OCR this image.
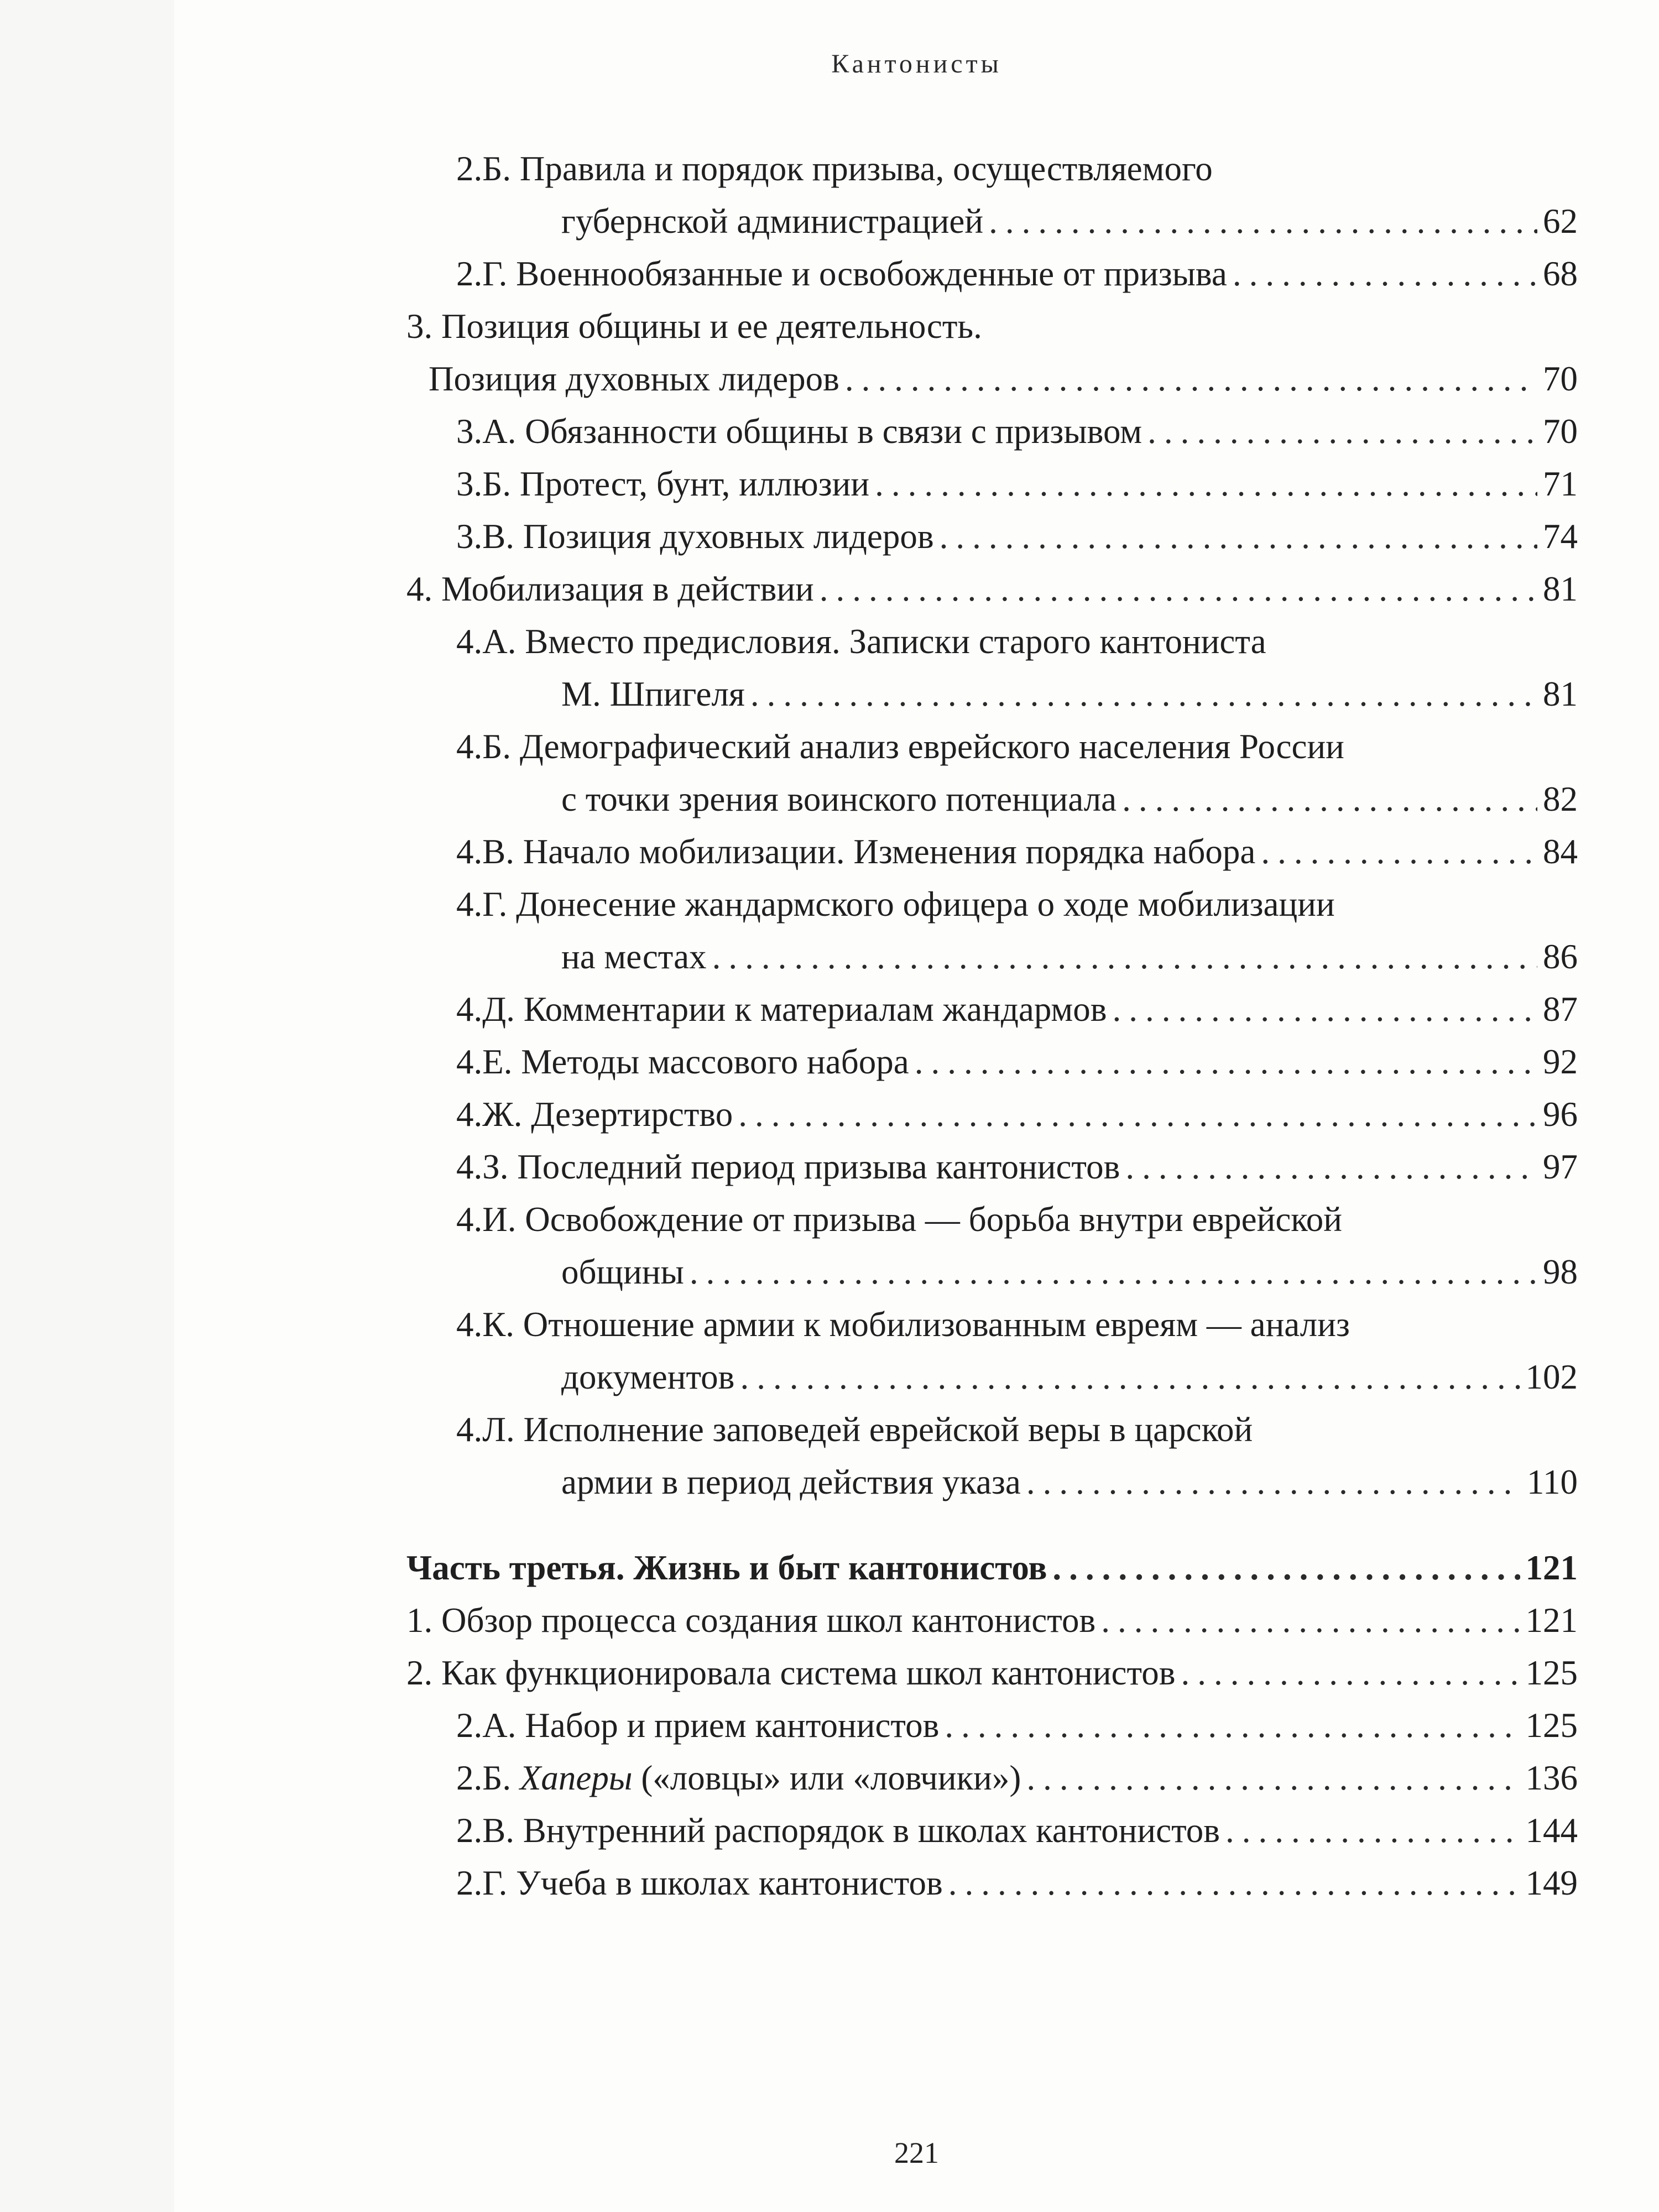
Кантонисты
2.Б. Правила и порядок призыва, осуществляемого
губернской администрацией .....	62
2.Г. Военнообязанные и освобожденные от призыва .....	68
3. Позиция общины и ее деятельность.
Позиция духовных лидеров .....	70
3.А. Обязанности общины в связи с призывом .....	70
3.Б. Протест, бунт, иллюзии .....	71
3.В. Позиция духовных лидеров .....	74
4. Мобилизация в действии .....	81
4.А. Вместо предисловия. Записки старого кантониста
М. Шпигеля .....	81
4.Б. Демографический анализ еврейского населения России
с точки зрения воинского потенциала .....	82
4.В. Начало мобилизации. Изменения порядка набора .....	84
4.Г. Донесение жандармского офицера о ходе мобилизации
на местах .....	86
4.Д. Комментарии к материалам жандармов .....	87
4.Е. Методы массового набора .....	92
4.Ж. Дезертирство .....	96
4.З. Последний период призыва кантонистов .....	97
4.И. Освобождение от призыва — борьба внутри еврейской
общины .....	98
4.К. Отношение армии к мобилизованным евреям — анализ
документов .....	102
4.Л. Исполнение заповедей еврейской веры в царской
армии в период действия указа .....	110
Часть третья. Жизнь и быт кантонистов .....	121
1. Обзор процесса создания школ кантонистов .....	121
2. Как функционировала система школ кантонистов .....	125
2.А. Набор и прием кантонистов .....	125
2.Б. Хаперы («ловцы» или «ловчики») .....	136
2.В. Внутренний распорядок в школах кантонистов .....	144
2.Г. Учеба в школах кантонистов .....	149
221
